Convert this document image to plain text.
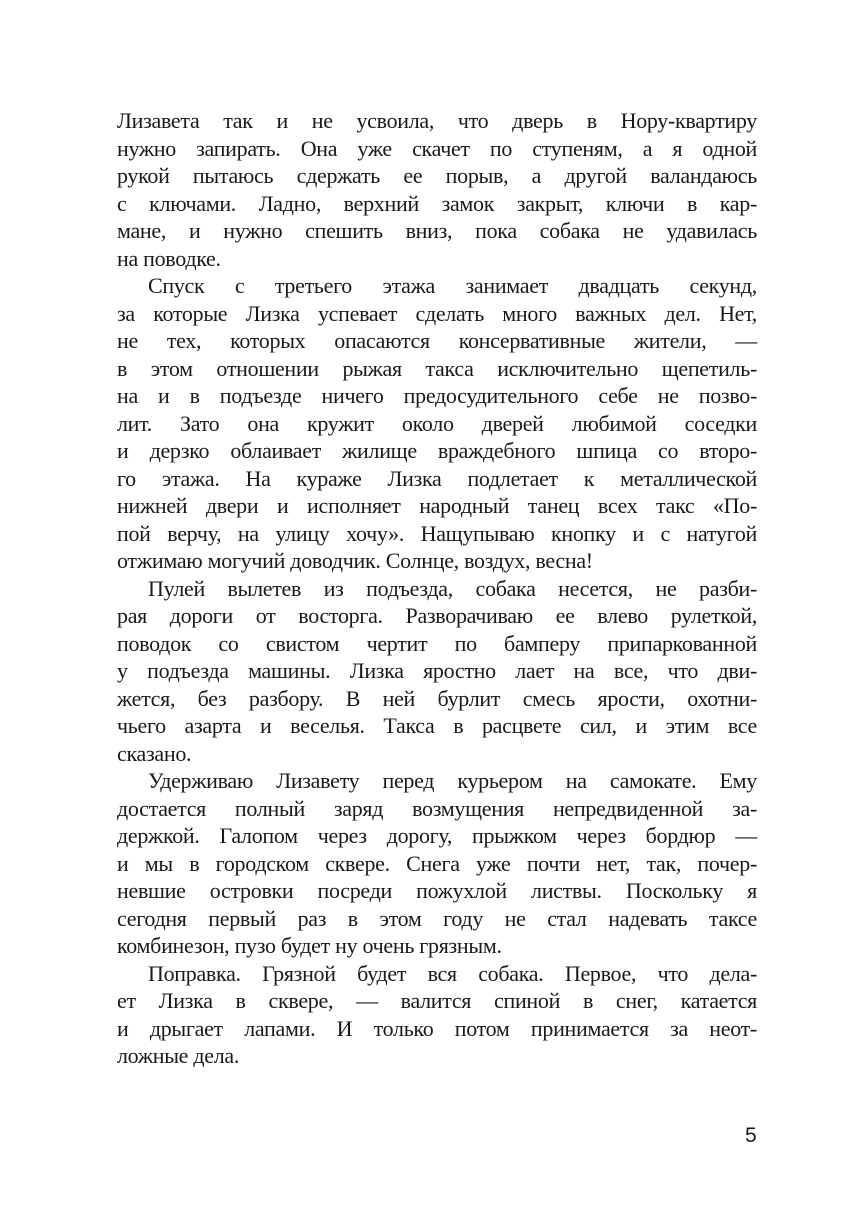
Лизавета так и не усвоила, что дверь в Нору-квартиру
нужно запирать. Она уже скачет по ступеням, а я одной
рукой пытаюсь сдержать ее порыв, а другой валандаюсь
с ключами. Ладно, верхний замок закрыт, ключи в кар-
мане, и нужно спешить вниз, пока собака не удавилась
на поводке.
Спуск с третьего этажа занимает двадцать секунд,
за которые Лизка успевает сделать много важных дел. Нет,
не тех, которых опасаются консервативные жители, —
в этом отношении рыжая такса исключительно щепетиль-
на и в подъезде ничего предосудительного себе не позво-
лит. Зато она кружит около дверей любимой соседки
и дерзко облаивает жилище враждебного шпица со второ-
го этажа. На кураже Лизка подлетает к металлической
нижней двери и исполняет народный танец всех такс «По-
пой верчу, на улицу хочу». Нащупываю кнопку и с натугой
отжимаю могучий доводчик. Солнце, воздух, весна!
Пулей вылетев из подъезда, собака несется, не разби-
рая дороги от восторга. Разворачиваю ее влево рулеткой,
поводок со свистом чертит по бамперу припаркованной
у подъезда машины. Лизка яростно лает на все, что дви-
жется, без разбору. В ней бурлит смесь ярости, охотни-
чьего азарта и веселья. Такса в расцвете сил, и этим все
сказано.
Удерживаю Лизавету перед курьером на самокате. Ему
достается полный заряд возмущения непредвиденной за-
держкой. Галопом через дорогу, прыжком через бордюр —
и мы в городском сквере. Снега уже почти нет, так, почер-
невшие островки посреди пожухлой листвы. Поскольку я
сегодня первый раз в этом году не стал надевать таксе
комбинезон, пузо будет ну очень грязным.
Поправка. Грязной будет вся собака. Первое, что дела-
ет Лизка в сквере, — валится спиной в снег, катается
и дрыгает лапами. И только потом принимается за неот-
ложные дела.
5
